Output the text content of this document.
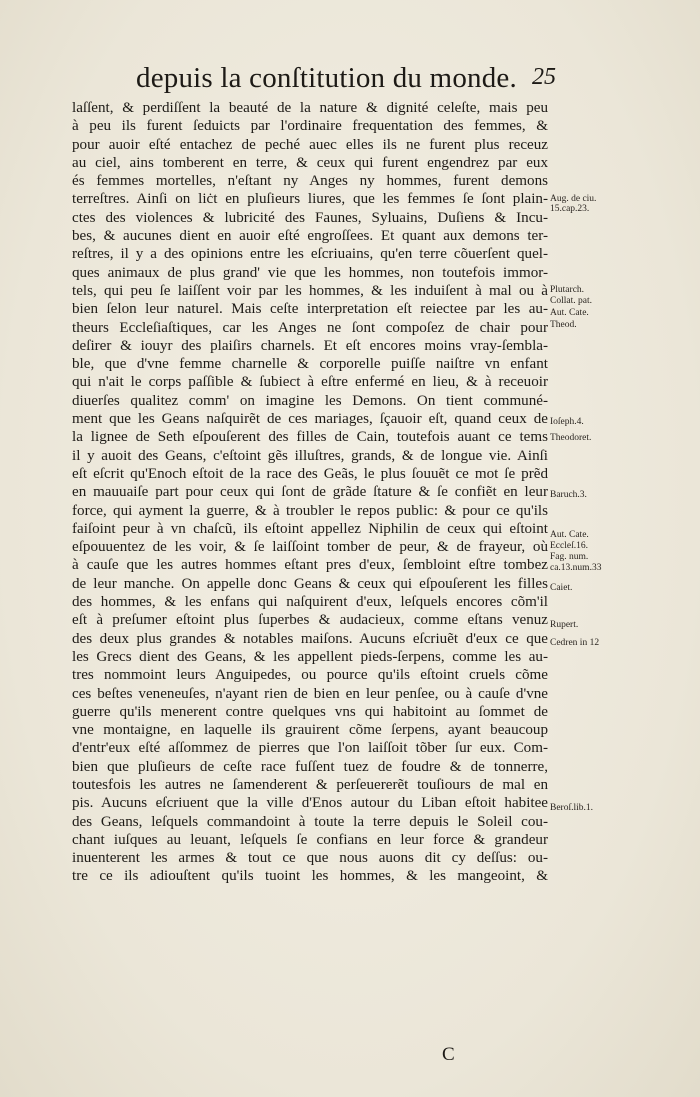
depuis la conſtitution du monde. 25
laſſent, & perdiſſent la beauté de la nature & dignité celeſte, mais peu
à peu ils furent ſeduicts par l'ordinaire frequentation des femmes, &
pour auoir eſté entachez de peché auec elles ils ne furent plus receuz
au ciel, ains tomberent en terre, & ceux qui furent engendrez par eux
és femmes mortelles, n'eſtant ny Anges ny hommes, furent demons
terreſtres. Ainſi on liċt en pluſieurs liures, que les femmes ſe ſont plain-
ctes des violences & lubricité des Faunes, Syluains, Duſiens & Incu-
bes, & aucunes dient en auoir eſté engroſſees. Et quant aux demons ter-
reſtres, il y a des opinions entre les eſcriuains, qu'en terre cõuerſent quel-
ques animaux de plus grand' vie que les hommes, non toutefois immor-
tels, qui peu ſe laiſſent voir par les hommes, & les induiſent à mal ou à
bien ſelon leur naturel. Mais ceſte interpretation eſt reiectee par les au-
theurs Eccleſiaſtiques, car les Anges ne ſont compoſez de chair pour
deſirer & iouyr des plaiſirs charnels. Et eſt encores moins vray-ſembla-
ble, que d'vne femme charnelle & corporelle puiſſe naiſtre vn enfant
qui n'ait le corps paſſible & ſubiect à eſtre enfermé en lieu, & à receuoir
diuerſes qualitez comm' on imagine les Demons. On tient communé-
ment que les Geans naſquirẽt de ces mariages, ſçauoir eſt, quand ceux de
la lignee de Seth eſpouſerent des filles de Cain, toutefois auant ce tems
il y auoit des Geans, c'eſtoint gẽs illuſtres, grands, & de longue vie. Ainſi
eſt eſcrit qu'Enoch eſtoit de la race des Geãs, le plus ſouuẽt ce mot ſe prẽd
en mauuaiſe part pour ceux qui ſont de grãde ſtature & ſe confiẽt en leur
force, qui ayment la guerre, & à troubler le repos public: & pour ce qu'ils
faiſoint peur à vn chaſcũ, ils eſtoint appellez Niphilin de ceux qui eſtoint
eſpouuentez de les voir, & ſe laiſſoint tomber de peur, & de frayeur, où
à cauſe que les autres hommes eſtant pres d'eux, ſembloint eſtre tombez
de leur manche. On appelle donc Geans & ceux qui eſpouſerent les filles
des hommes, & les enfans qui naſquirent d'eux, leſquels encores cõm'il
eſt à preſumer eſtoint plus ſuperbes & audacieux, comme eſtans venuz
des deux plus grandes & notables maiſons. Aucuns eſcriuẽt d'eux ce que
les Grecs dient des Geans, & les appellent pieds-ſerpens, comme les au-
tres nommoint leurs Anguipedes, ou pource qu'ils eſtoint cruels cõme
ces beſtes veneneuſes, n'ayant rien de bien en leur penſee, ou à cauſe d'vne
guerre qu'ils menerent contre quelques vns qui habitoint au ſommet de
vne montaigne, en laquelle ils grauirent cõme ſerpens, ayant beaucoup
d'entr'eux eſté aſſommez de pierres que l'on laiſſoit tõber ſur eux. Com-
bien que pluſieurs de ceſte race fuſſent tuez de foudre & de tonnerre,
toutesfois les autres ne ſamenderent & perſeuererẽt touſiours de mal en
pis. Aucuns eſcriuent que la ville d'Enos autour du Liban eſtoit habitee
des Geans, leſquels commandoint à toute la terre depuis le Soleil cou-
chant iuſques au leuant, leſquels ſe confians en leur force & grandeur
inuenterent les armes & tout ce que nous auons dit cy deſſus: ou-
tre ce ils adiouſtent qu'ils tuoint les hommes, & les mangeoint, &
Aug. de ciu.
15.cap.23.
Plutarch.
Collat. pat.
Aut. Cate.
Theod.
Ioſeph.4.
Theodoret.
Baruch.3.
Aut. Cate.
Eccleſ.16.
Fag. num.
ca.13.num.33
Caiet.
Rupert.
Cedren in 12
Beroſ.lib.1.
C
